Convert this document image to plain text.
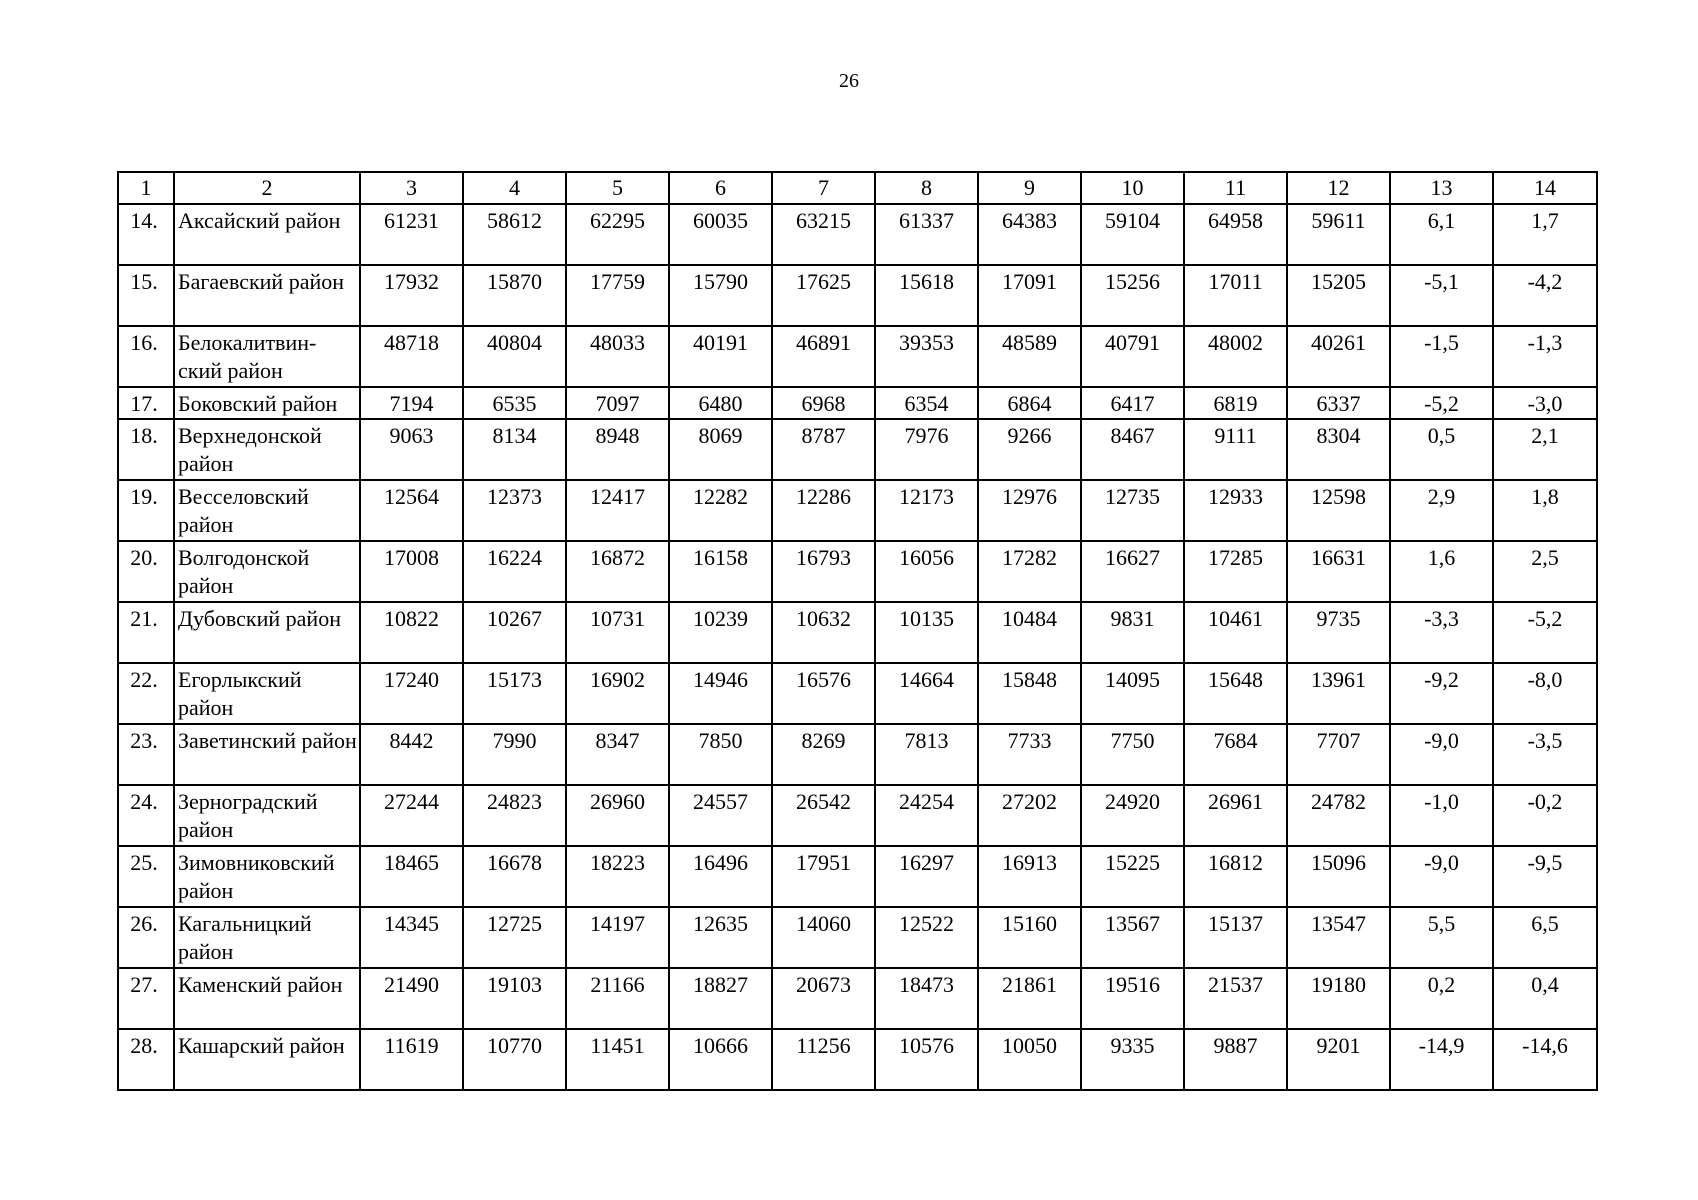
26
1	2	3	4	5	6	7	8	9	10	11	12	13	14
14.	Аксайский район	61231	58612	62295	60035	63215	61337	64383	59104	64958	59611	6,1	1,7
15.	Багаевский район	17932	15870	17759	15790	17625	15618	17091	15256	17011	15205	-5,1	-4,2
16.	Белокалитвин-ский район	48718	40804	48033	40191	46891	39353	48589	40791	48002	40261	-1,5	-1,3
17.	Боковский район	7194	6535	7097	6480	6968	6354	6864	6417	6819	6337	-5,2	-3,0
18.	Верхнедонской район	9063	8134	8948	8069	8787	7976	9266	8467	9111	8304	0,5	2,1
19.	Весселовский район	12564	12373	12417	12282	12286	12173	12976	12735	12933	12598	2,9	1,8
20.	Волгодонской район	17008	16224	16872	16158	16793	16056	17282	16627	17285	16631	1,6	2,5
21.	Дубовский район	10822	10267	10731	10239	10632	10135	10484	9831	10461	9735	-3,3	-5,2
22.	Егорлыкский район	17240	15173	16902	14946	16576	14664	15848	14095	15648	13961	-9,2	-8,0
23.	Заветинский район	8442	7990	8347	7850	8269	7813	7733	7750	7684	7707	-9,0	-3,5
24.	Зерноградский район	27244	24823	26960	24557	26542	24254	27202	24920	26961	24782	-1,0	-0,2
25.	Зимовниковский район	18465	16678	18223	16496	17951	16297	16913	15225	16812	15096	-9,0	-9,5
26.	Кагальницкий район	14345	12725	14197	12635	14060	12522	15160	13567	15137	13547	5,5	6,5
27.	Каменский район	21490	19103	21166	18827	20673	18473	21861	19516	21537	19180	0,2	0,4
28.	Кашарский район	11619	10770	11451	10666	11256	10576	10050	9335	9887	9201	-14,9	-14,6
